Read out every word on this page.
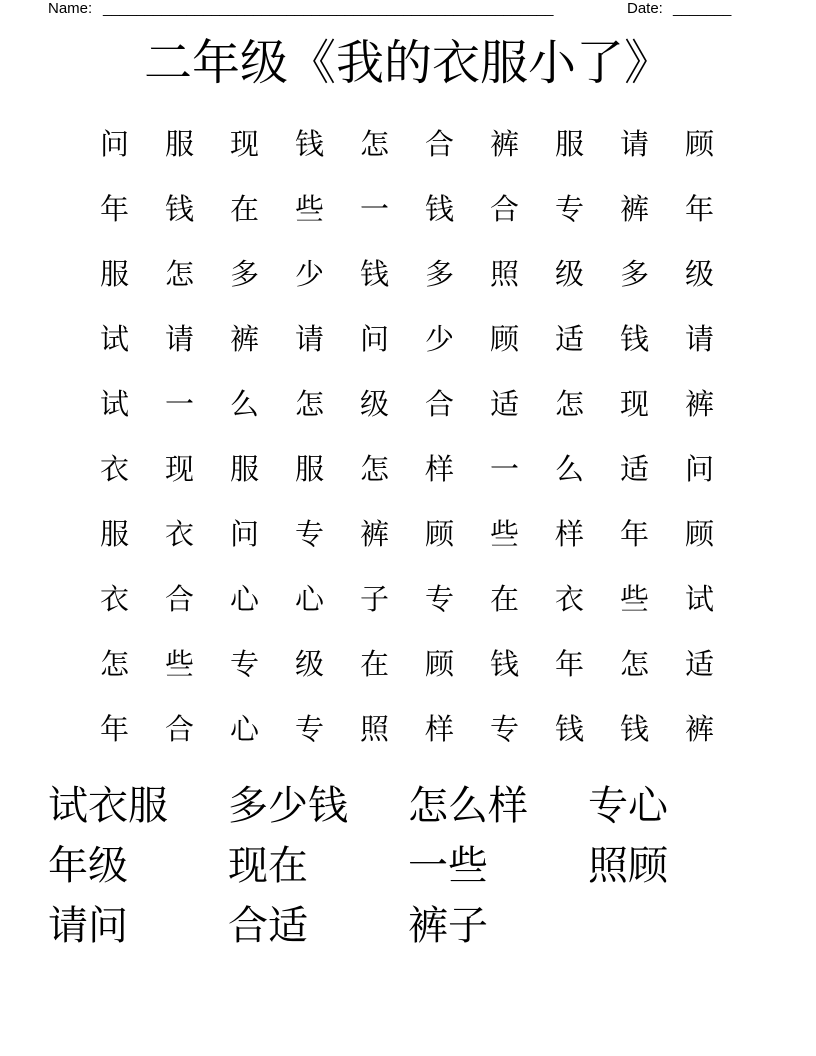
Name: ______________________________________________________	Date: _______
二年级《我的衣服小了》
问	服	现	钱	怎	合	裤	服	请	顾
年	钱	在	些	一	钱	合	专	裤	年
服	怎	多	少	钱	多	照	级	多	级
试	请	裤	请	问	少	顾	适	钱	请
试	一	么	怎	级	合	适	怎	现	裤
衣	现	服	服	怎	样	一	么	适	问
服	衣	问	专	裤	顾	些	样	年	顾
衣	合	心	心	子	专	在	衣	些	试
怎	些	专	级	在	顾	钱	年	怎	适
年	合	心	专	照	样	专	钱	钱	裤
试衣服	多少钱	怎么样	专心
年级	现在	一些	照顾
请问	合适	裤子
